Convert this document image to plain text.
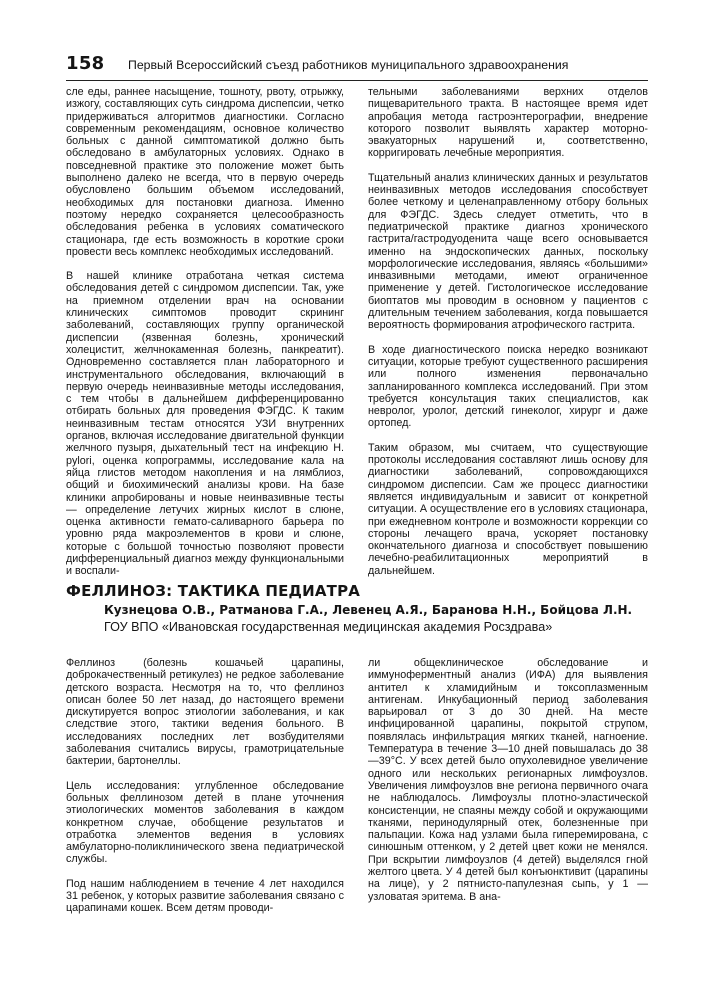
158 Первый Всероссийский съезд работников муниципального здравоохранения

сле еды, раннее насыщение, тошноту, рвоту, отрыжку, изжогу, составляющих суть синдрома диспепсии, четко придерживаться алгоритмов диагностики. Согласно современным рекомендациям, основное количество больных с данной симптоматикой должно быть обследовано в амбулаторных условиях. Однако в повседневной практике это положение может быть выполнено далеко не всегда, что в первую очередь обусловлено большим объемом исследований, необходимых для постановки диагноза. Именно поэтому нередко сохраняется целесообразность обследования ребенка в условиях соматического стационара, где есть возможность в короткие сроки провести весь комплекс необходимых исследований.

В нашей клинике отработана четкая система обследования детей с синдромом диспепсии. Так, уже на приемном отделении врач на основании клинических симптомов проводит скрининг заболеваний, составляющих группу органической диспепсии (язвенная болезнь, хронический холецистит, желчнокаменная болезнь, панкреатит). Одновременно составляется план лабораторного и инструментального обследования, включающий в первую очередь неинвазивные методы исследования, с тем чтобы в дальнейшем дифференцированно отбирать больных для проведения ФЭГДС. К таким неинвазивным тестам относятся УЗИ внутренних органов, включая исследование двигательной функции желчного пузыря, дыхательный тест на инфекцию H. pylori, оценка копрограммы, исследование кала на яйца глистов методом накопления и на лямблиоз, общий и биохимический анализы крови. На базе клиники апробированы и новые неинвазивные тесты — определение летучих жирных кислот в слюне, оценка активности гемато-саливарного барьера по уровню ряда макроэлементов в крови и слюне, которые с большой точностью позволяют провести дифференциальный диагноз между функциональными и воспали-

тельными заболеваниями верхних отделов пищеварительного тракта. В настоящее время идет апробация метода гастроэнтерографии, внедрение которого позволит выявлять характер моторно-эвакуаторных нарушений и, соответственно, корригировать лечебные мероприятия.

Тщательный анализ клинических данных и результатов неинвазивных методов исследования способствует более четкому и целенаправленному отбору больных для ФЭГДС. Здесь следует отметить, что в педиатрической практике диагноз хронического гастрита/гастродуоденита чаще всего основывается именно на эндоскопических данных, поскольку морфологические исследования, являясь «большими» инвазивными методами, имеют ограниченное применение у детей. Гистологическое исследование биоптатов мы проводим в основном у пациентов с длительным течением заболевания, когда повышается вероятность формирования атрофического гастрита.

В ходе диагностического поиска нередко возникают ситуации, которые требуют существенного расширения или полного изменения первоначально запланированного комплекса исследований. При этом требуется консультация таких специалистов, как невролог, уролог, детский гинеколог, хирург и даже ортопед.

Таким образом, мы считаем, что существующие протоколы исследования составляют лишь основу для диагностики заболеваний, сопровождающихся синдромом диспепсии. Сам же процесс диагностики является индивидуальным и зависит от конкретной ситуации. А осуществление его в условиях стационара, при ежедневном контроле и возможности коррекции со стороны лечащего врача, ускоряет постановку окончательного диагноза и способствует повышению лечебно-реабилитационных мероприятий в дальнейшем.

ФЕЛЛИНОЗ: ТАКТИКА ПЕДИАТРА
Кузнецова О.В., Ратманова Г.А., Левенец А.Я., Баранова Н.Н., Бойцова Л.Н.
ГОУ ВПО «Ивановская государственная медицинская академия Росздрава»

Феллиноз (болезнь кошачьей царапины, доброкачественный ретикулез) не редкое заболевание детского возраста. Несмотря на то, что феллиноз описан более 50 лет назад, до настоящего времени дискутируется вопрос этиологии заболевания, и как следствие этого, тактики ведения больного. В исследованиях последних лет возбудителями заболевания считались вирусы, грамотрицательные бактерии, бартонеллы.

Цель исследования: углубленное обследование больных феллинозом детей в плане уточнения этиологических моментов заболевания в каждом конкретном случае, обобщение результатов и отработка элементов ведения в условиях амбулаторно-поликлинического звена педиатрической службы.

Под нашим наблюдением в течение 4 лет находился 31 ребенок, у которых развитие заболевания связано с царапинами кошек. Всем детям проводи-

ли общеклиническое обследование и иммуноферментный анализ (ИФА) для выявления антител к хламидийным и токсоплазменным антигенам. Инкубационный период заболевания варьировал от 3 до 30 дней. На месте инфицированной царапины, покрытой струпом, появлялась инфильтрация мягких тканей, нагноение. Температура в течение 3—10 дней повышалась до 38—39°С. У всех детей было опухолевидное увеличение одного или нескольких регионарных лимфоузлов. Увеличения лимфоузлов вне региона первичного очага не наблюдалось. Лимфоузлы плотно-эластической консистенции, не спаяны между собой и окружающими тканями, перинодулярный отек, болезненные при пальпации. Кожа над узлами была гиперемирована, с синюшным оттенком, у 2 детей цвет кожи не менялся. При вскрытии лимфоузлов (4 детей) выделялся гной желтого цвета. У 4 детей был конъюнктивит (царапины на лице), у 2 пятнисто-папулезная сыпь, у 1 — узловатая эритема. В ана-
